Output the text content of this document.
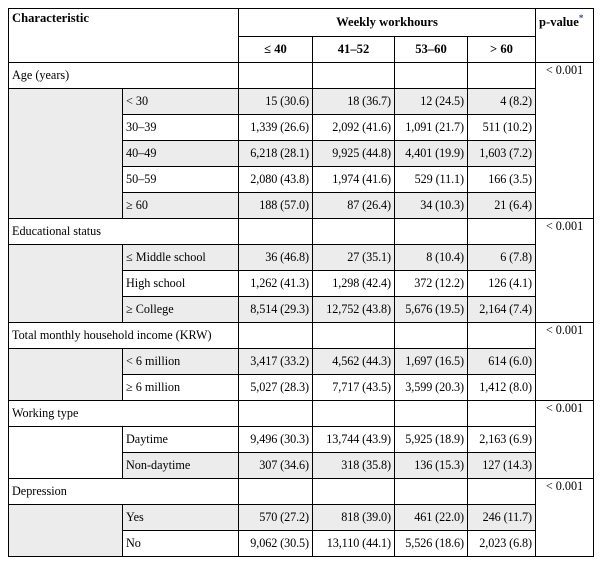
Characteristic		Weekly workhours				p-value*
		≤ 40	41–52	53–60	> 60	
Age (years)						< 0.001
	< 30	15 (30.6)	18 (36.7)	12 (24.5)	4 (8.2)	
	30–39	1,339 (26.6)	2,092 (41.6)	1,091 (21.7)	511 (10.2)	
	40–49	6,218 (28.1)	9,925 (44.8)	4,401 (19.9)	1,603 (7.2)	
	50–59	2,080 (43.8)	1,974 (41.6)	529 (11.1)	166 (3.5)	
	≥ 60	188 (57.0)	87 (26.4)	34 (10.3)	21 (6.4)	
Educational status						< 0.001
	≤ Middle school	36 (46.8)	27 (35.1)	8 (10.4)	6 (7.8)	
	High school	1,262 (41.3)	1,298 (42.4)	372 (12.2)	126 (4.1)	
	≥ College	8,514 (29.3)	12,752 (43.8)	5,676 (19.5)	2,164 (7.4)	
Total monthly household income (KRW)						< 0.001
	< 6 million	3,417 (33.2)	4,562 (44.3)	1,697 (16.5)	614 (6.0)	
	≥ 6 million	5,027 (28.3)	7,717 (43.5)	3,599 (20.3)	1,412 (8.0)	
Working type						< 0.001
	Daytime	9,496 (30.3)	13,744 (43.9)	5,925 (18.9)	2,163 (6.9)	
	Non-daytime	307 (34.6)	318 (35.8)	136 (15.3)	127 (14.3)	
Depression						< 0.001
	Yes	570 (27.2)	818 (39.0)	461 (22.0)	246 (11.7)	
	No	9,062 (30.5)	13,110 (44.1)	5,526 (18.6)	2,023 (6.8)	
